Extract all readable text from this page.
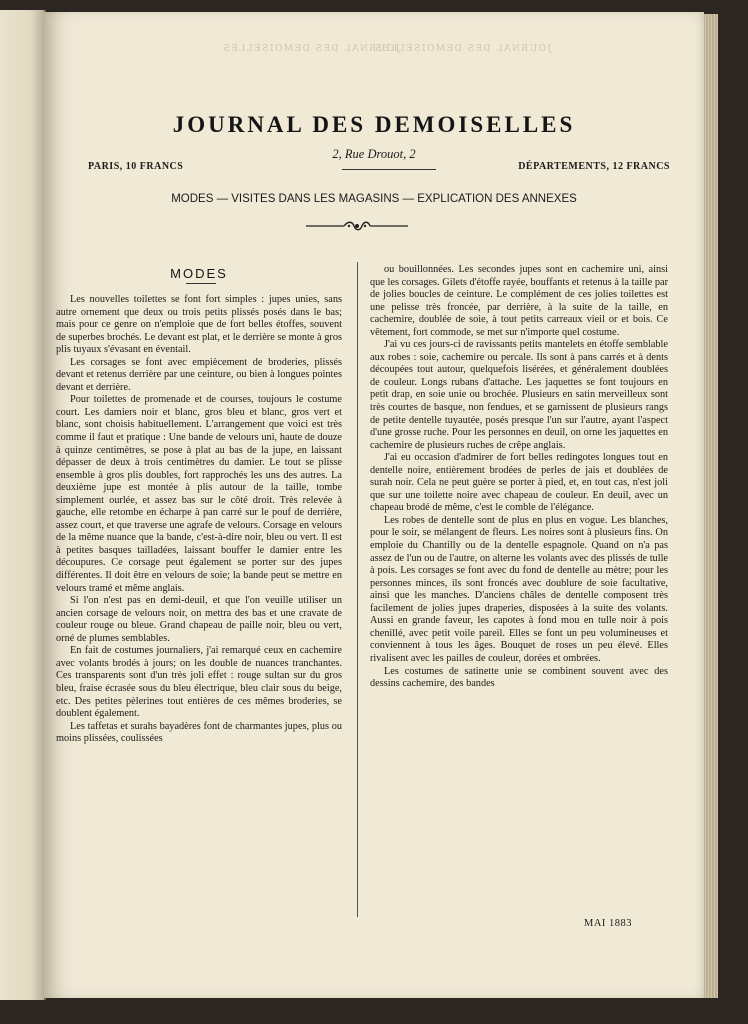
JOURNAL DES DEMOISELLES
JOURNAL DES DEMOISELLES
JOURNAL DES DEMOISELLES
2, Rue Drouot, 2
PARIS, 10 FRANCS	DÉPARTEMENTS, 12 FRANCS
MODES — VISITES DANS LES MAGASINS — EXPLICATION DES ANNEXES
MODES

Les nouvelles toilettes se font fort simples : jupes unies, sans autre ornement que deux ou trois petits plissés posés dans le bas; mais pour ce genre on n'emploie que de fort belles étoffes, souvent de superbes brochés. Le devant est plat, et le derrière se monte à gros plis tuyaux s'évasant en éventail.

Les corsages se font avec empiècement de broderies, plissés devant et retenus derrière par une ceinture, ou bien à longues pointes devant et derrière.

Pour toilettes de promenade et de courses, toujours le costume court. Les damiers noir et blanc, gros bleu et blanc, gros vert et blanc, sont choisis habituellement. L'arrangement que voici est très comme il faut et pratique : Une bande de velours uni, haute de douze à quinze centimètres, se pose à plat au bas de la jupe, en laissant dépasser de deux à trois centimètres du damier. Le tout se plisse ensemble à gros plis doubles, fort rapprochés les uns des autres. La deuxième jupe est montée à plis autour de la taille, tombe simplement ourlée, et assez bas sur le côté droit. Très relevée à gauche, elle retombe en écharpe à pan carré sur le pouf de derrière, assez court, et que traverse une agrafe de velours. Corsage en velours de la même nuance que la bande, c'est-à-dire noir, bleu ou vert. Il est à petites basques tailladées, laissant bouffer le damier entre les découpures. Ce corsage peut également se porter sur des jupes différentes. Il doit être en velours de soie; la bande peut se mettre en velours tramé et même anglais.

Si l'on n'est pas en demi-deuil, et que l'on veuille utiliser un ancien corsage de velours noir, on mettra des bas et une cravate de couleur rouge ou bleue. Grand chapeau de paille noir, bleu ou vert, orné de plumes semblables.

En fait de costumes journaliers, j'ai remarqué ceux en cachemire avec volants brodés à jours; on les double de nuances tranchantes. Ces transparents sont d'un très joli effet : rouge sultan sur du gros bleu, fraise écrasée sous du bleu électrique, bleu clair sous du beige, etc. Des petites pèlerines tout entières de ces mêmes broderies, se doublent également.

Les taffetas et surahs bayadères font de charmantes jupes, plus ou moins plissées, coulissées

ou bouillonnées. Les secondes jupes sont en cachemire uni, ainsi que les corsages. Gilets d'étoffe rayée, bouffants et retenus à la taille par de jolies boucles de ceinture. Le complément de ces jolies toilettes est une pelisse très froncée, par derrière, à la suite de la taille, en cachemire, doublée de soie, à tout petits carreaux vieil or et bois. Ce vêtement, fort commode, se met sur n'importe quel costume.

J'ai vu ces jours-ci de ravissants petits mantelets en étoffe semblable aux robes : soie, cachemire ou percale. Ils sont à pans carrés et à dents découpées tout autour, quelquefois lisérées, et généralement doublées de couleur. Longs rubans d'attache. Les jaquettes se font toujours en petit drap, en soie unie ou brochée. Plusieurs en satin merveilleux sont très courtes de basque, non fendues, et se garnissent de plusieurs rangs de petite dentelle tuyautée, posés presque l'un sur l'autre, ayant l'aspect d'une grosse ruche. Pour les personnes en deuil, on orne les jaquettes en cachemire de plusieurs ruches de crêpe anglais.

J'ai eu occasion d'admirer de fort belles redingotes longues tout en dentelle noire, entièrement brodées de perles de jais et doublées de surah noir. Cela ne peut guère se porter à pied, et, en tout cas, n'est joli que sur une toilette noire avec chapeau de couleur. En deuil, avec un chapeau brodé de même, c'est le comble de l'élégance.

Les robes de dentelle sont de plus en plus en vogue. Les blanches, pour le soir, se mélangent de fleurs. Les noires sont à plusieurs fins. On emploie du Chantilly ou de la dentelle espagnole. Quand on n'a pas assez de l'un ou de l'autre, on alterne les volants avec des plissés de tulle à pois. Les corsages se font avec du fond de dentelle au mètre; pour les personnes minces, ils sont froncés avec doublure de soie facultative, ainsi que les manches. D'anciens châles de dentelle composent très facilement de jolies jupes draperies, disposées à la suite des volants. Aussi en grande faveur, les capotes à fond mou en tulle noir à pois chenillé, avec petit voile pareil. Elles se font un peu volumineuses et conviennent à tous les âges. Bouquet de roses un peu élevé. Elles rivalisent avec les pailles de couleur, dorées et ombrées.

Les costumes de satinette unie se combinent souvent avec des dessins cachemire, des bandes

MAI 1883
